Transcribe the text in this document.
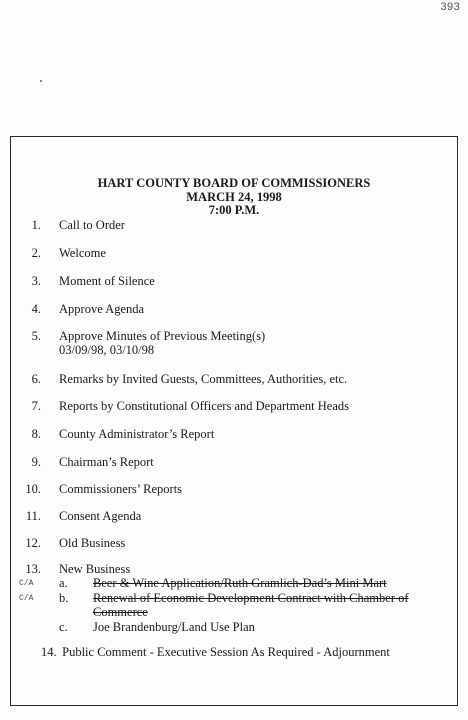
393
HART COUNTY BOARD OF COMMISSIONERS
MARCH 24, 1998
7:00 P.M.
1. Call to Order
2. Welcome
3. Moment of Silence
4. Approve Agenda
5. Approve Minutes of Previous Meeting(s)
03/09/98, 03/10/98
6. Remarks by Invited Guests, Committees, Authorities, etc.
7. Reports by Constitutional Officers and Department Heads
8. County Administrator’s Report
9. Chairman’s Report
10. Commissioners’ Reports
11. Consent Agenda
12. Old Business
13. New Business
C/A a. Beer & Wine Application/Ruth Gramlich-Dad’s Mini Mart
C/A b. Renewal of Economic Development Contract with Chamber of
Commerce
c. Joe Brandenburg/Land Use Plan
14. Public Comment - Executive Session As Required - Adjournment
